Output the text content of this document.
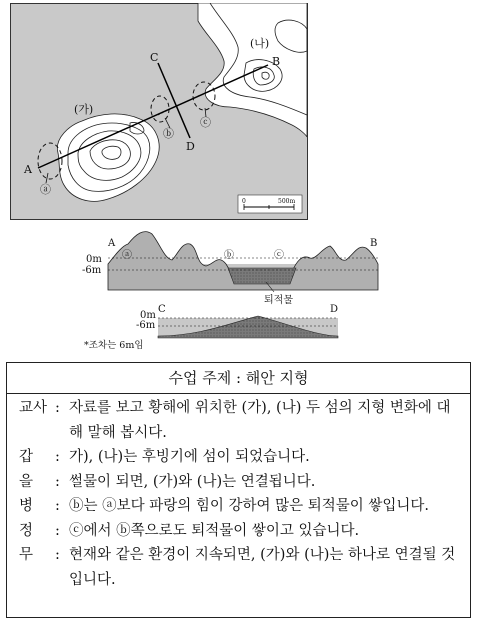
(가)
(나)
A
B
C
D
ⓐ
ⓑ
ⓒ
0	500m
A	B
ⓐ	ⓑ	ⓒ
0m
-6m
퇴적물
C	D
0m
-6m
*조차는 6m임
수업 주제 : 해안 지형
교사 : 자료를 보고 황해에 위치한 (가), (나) 두 섬의 지형 변화에 대해 말해 봅시다.
갑	: 가), (나)는 후빙기에 섬이 되었습니다.
을	: 썰물이 되면, (가)와 (나)는 연결됩니다.
병	: ⓑ는 ⓐ보다 파랑의 힘이 강하여 많은 퇴적물이 쌓입니다.
정	: ⓒ에서 ⓑ쪽으로도 퇴적물이 쌓이고 있습니다.
무	: 현재와 같은 환경이 지속되면, (가)와 (나)는 하나로 연결될 것입니다.
